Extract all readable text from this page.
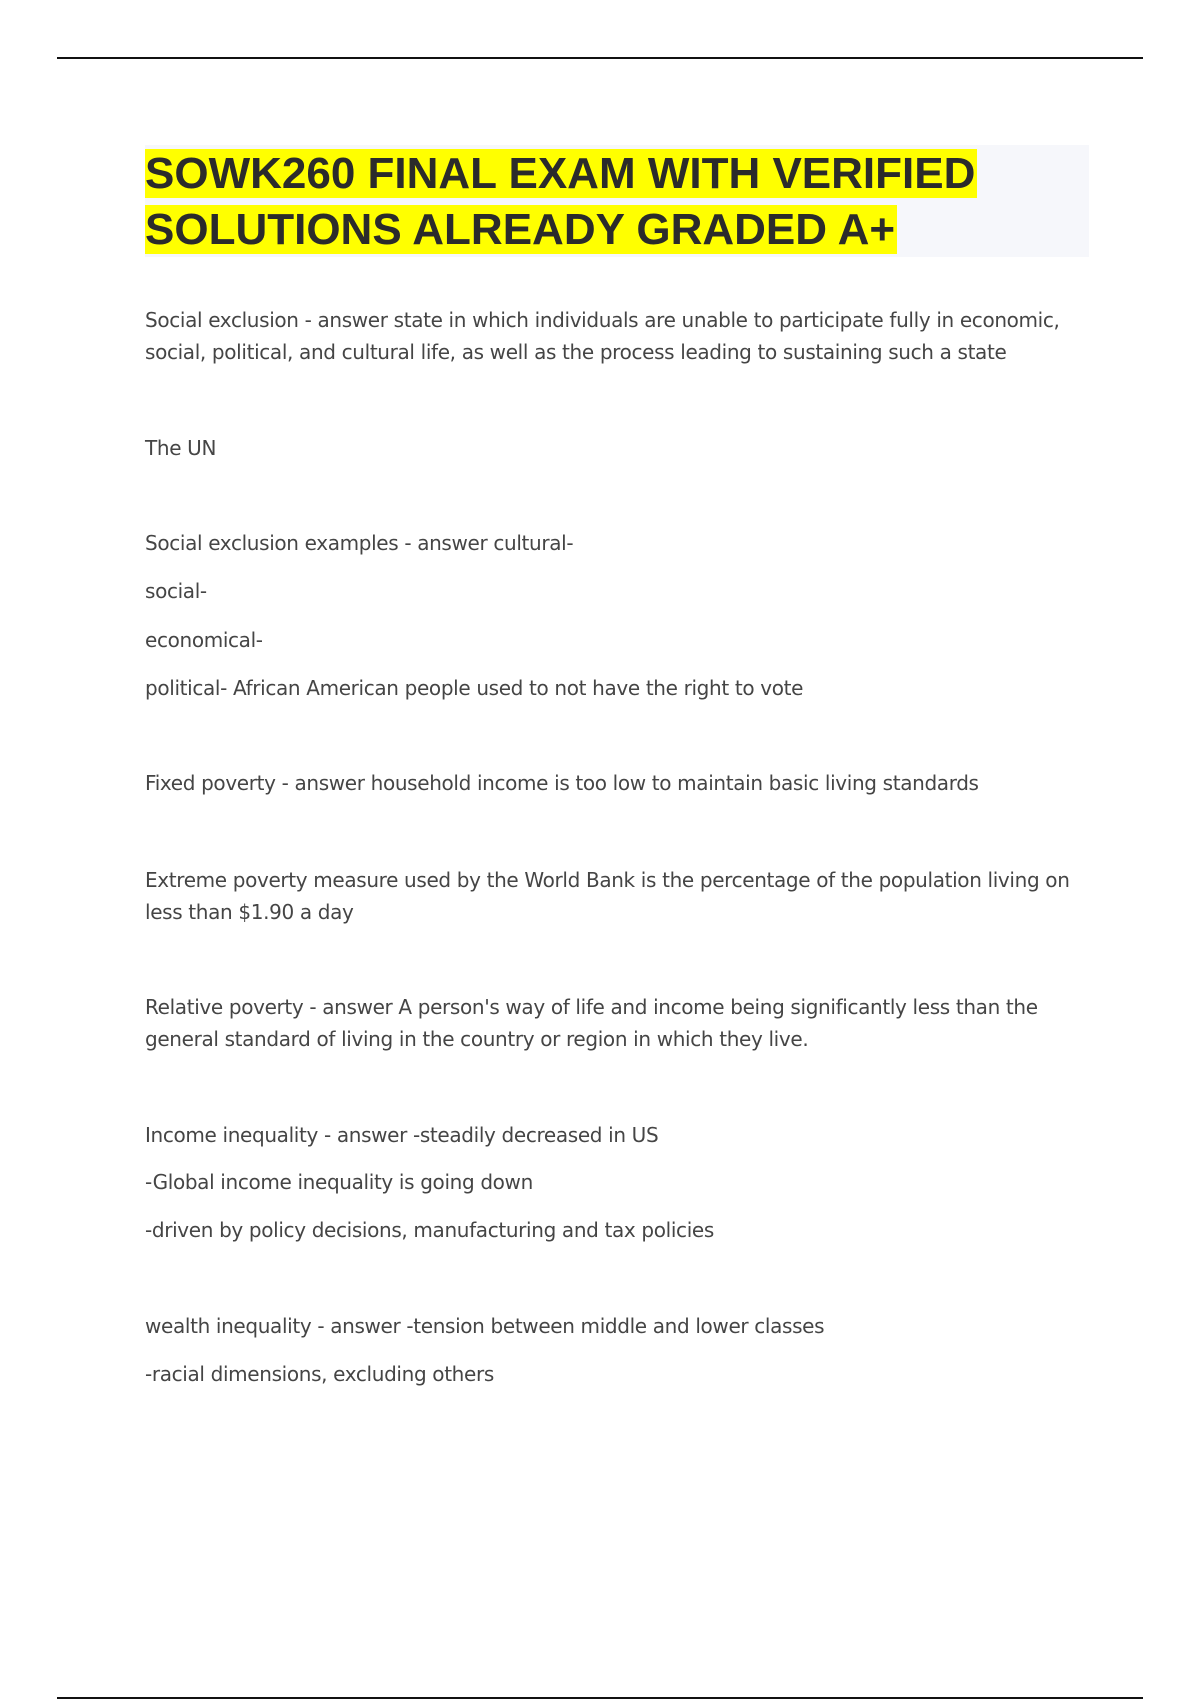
SOWK260 FINAL EXAM WITH VERIFIED
SOLUTIONS ALREADY GRADED A+

Social exclusion - answer state in which individuals are unable to participate fully in economic,

social, political, and cultural life, as well as the process leading to sustaining such a state

The UN

Social exclusion examples - answer cultural-

social-

economical-

political- African American people used to not have the right to vote

Fixed poverty - answer household income is too low to maintain basic living standards

Extreme poverty measure used by the World Bank is the percentage of the population living on

less than $1.90 a day

Relative poverty - answer A person's way of life and income being significantly less than the

general standard of living in the country or region in which they live.

Income inequality - answer -steadily decreased in US

-Global income inequality is going down

-driven by policy decisions, manufacturing and tax policies

wealth inequality - answer -tension between middle and lower classes

-racial dimensions, excluding others
